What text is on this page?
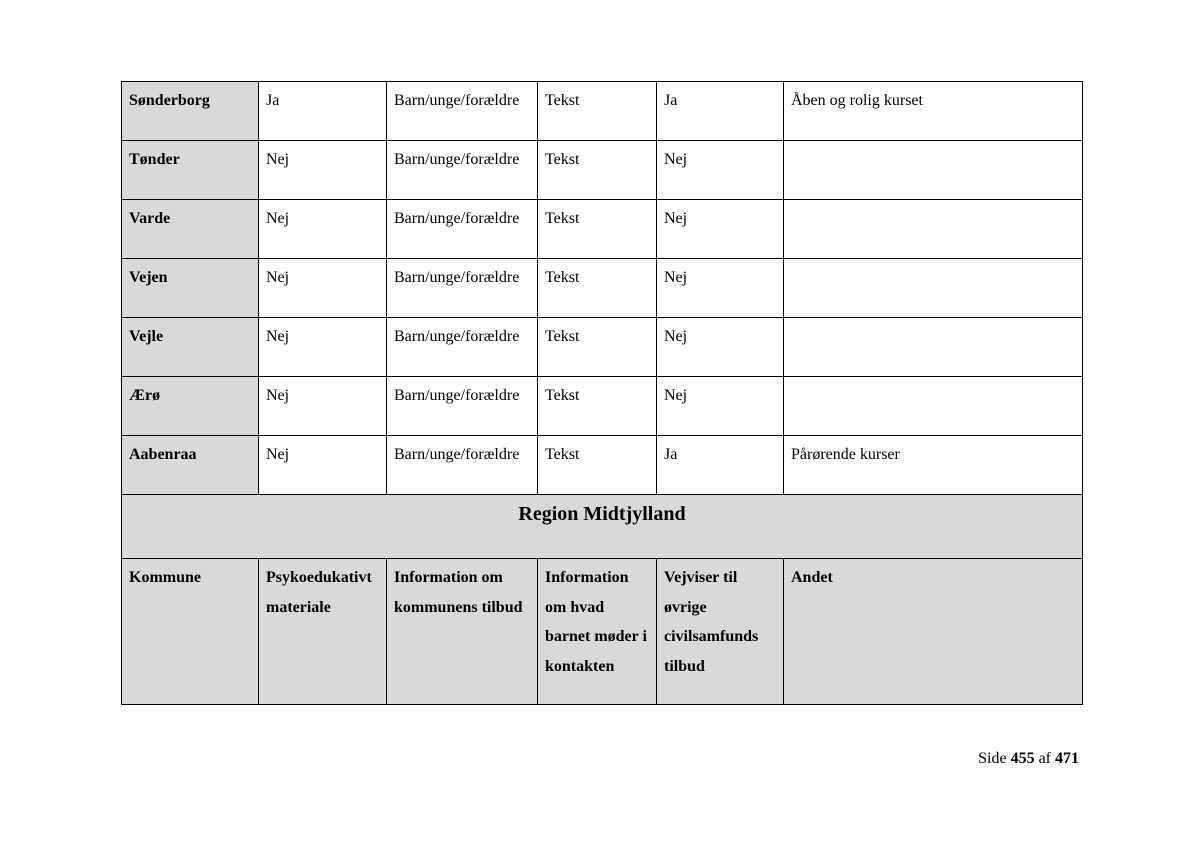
Sønderborg	Ja	Barn/unge/forældre	Tekst	Ja	Åben og rolig kurset
Tønder	Nej	Barn/unge/forældre	Tekst	Nej	
Varde	Nej	Barn/unge/forældre	Tekst	Nej	
Vejen	Nej	Barn/unge/forældre	Tekst	Nej	
Vejle	Nej	Barn/unge/forældre	Tekst	Nej	
Ærø	Nej	Barn/unge/forældre	Tekst	Nej	
Aabenraa	Nej	Barn/unge/forældre	Tekst	Ja	Pårørende kurser
Region Midtjylland					
Kommune	Psykoedukativt materiale	Information om kommunens tilbud	Information om hvad barnet møder i kontakten	Vejviser til øvrige civilsamfunds tilbud	Andet
Side 455 af 471
